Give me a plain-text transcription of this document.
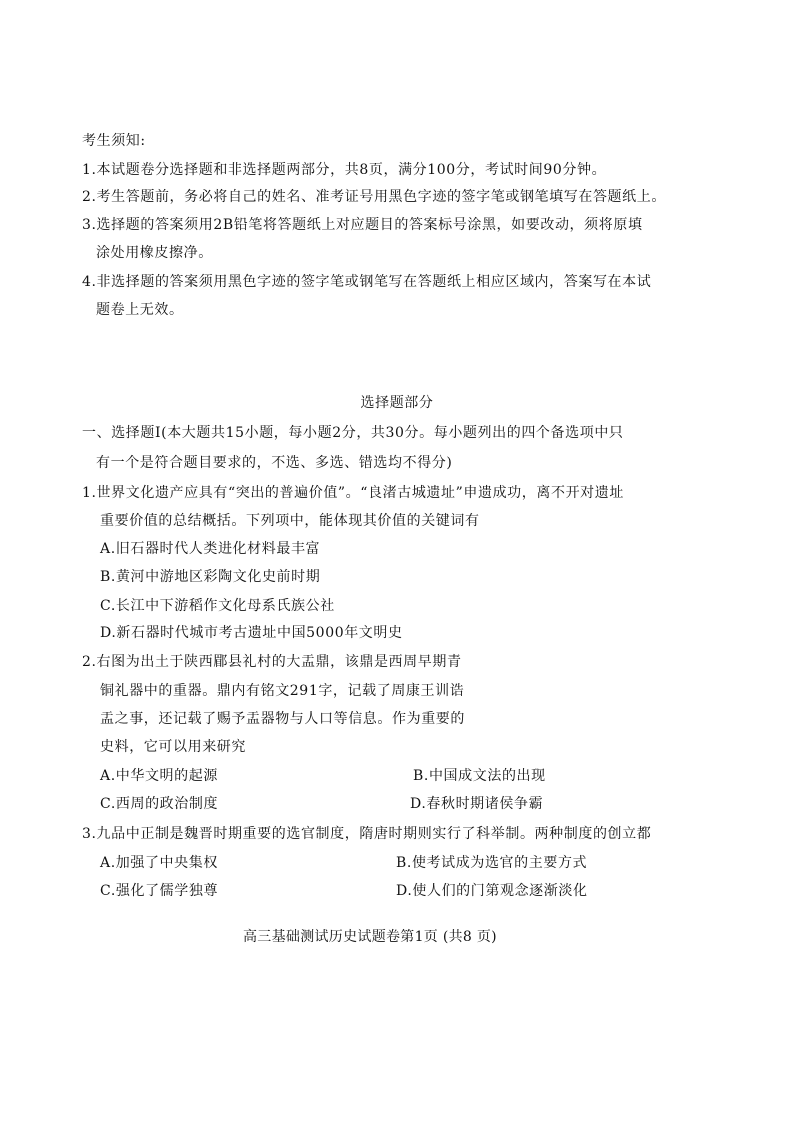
考生须知:
1.本试题卷分选择题和非选择题两部分，共8页，满分100分，考试时间90分钟。
2.考生答题前，务必将自己的姓名、准考证号用黑色字迹的签字笔或钢笔填写在答题纸上。
3.选择题的答案须用2B铅笔将答题纸上对应题目的答案标号涂黑，如要改动，须将原填
涂处用橡皮擦净。
4.非选择题的答案须用黑色字迹的签字笔或钢笔写在答题纸上相应区域内，答案写在本试
题卷上无效。
选择题部分
一、选择题Ⅰ(本大题共15小题，每小题2分，共30分。每小题列出的四个备选项中只
有一个是符合题目要求的，不选、多选、错选均不得分)
1.世界文化遗产应具有“突出的普遍价值”。“良渚古城遗址”申遗成功，离不开对遗址
重要价值的总结概括。下列项中，能体现其价值的关键词有
A.旧石器时代人类进化材料最丰富
B.黄河中游地区彩陶文化史前时期
C.长江中下游稻作文化母系氏族公社
D.新石器时代城市考古遗址中国5000年文明史
2.右图为出土于陕西郿县礼村的大盂鼎，该鼎是西周早期青
铜礼器中的重器。鼎内有铭文291字，记载了周康王训诰
盂之事，还记载了赐予盂器物与人口等信息。作为重要的
史料，它可以用来研究
A.中华文明的起源	B.中国成文法的出现
C.西周的政治制度	D.春秋时期诸侯争霸
3.九品中正制是魏晋时期重要的选官制度，隋唐时期则实行了科举制。两种制度的创立都
A.加强了中央集权	B.使考试成为选官的主要方式
C.强化了儒学独尊	D.使人们的门第观念逐渐淡化
高三基础测试历史试题卷第1页 (共8 页)
